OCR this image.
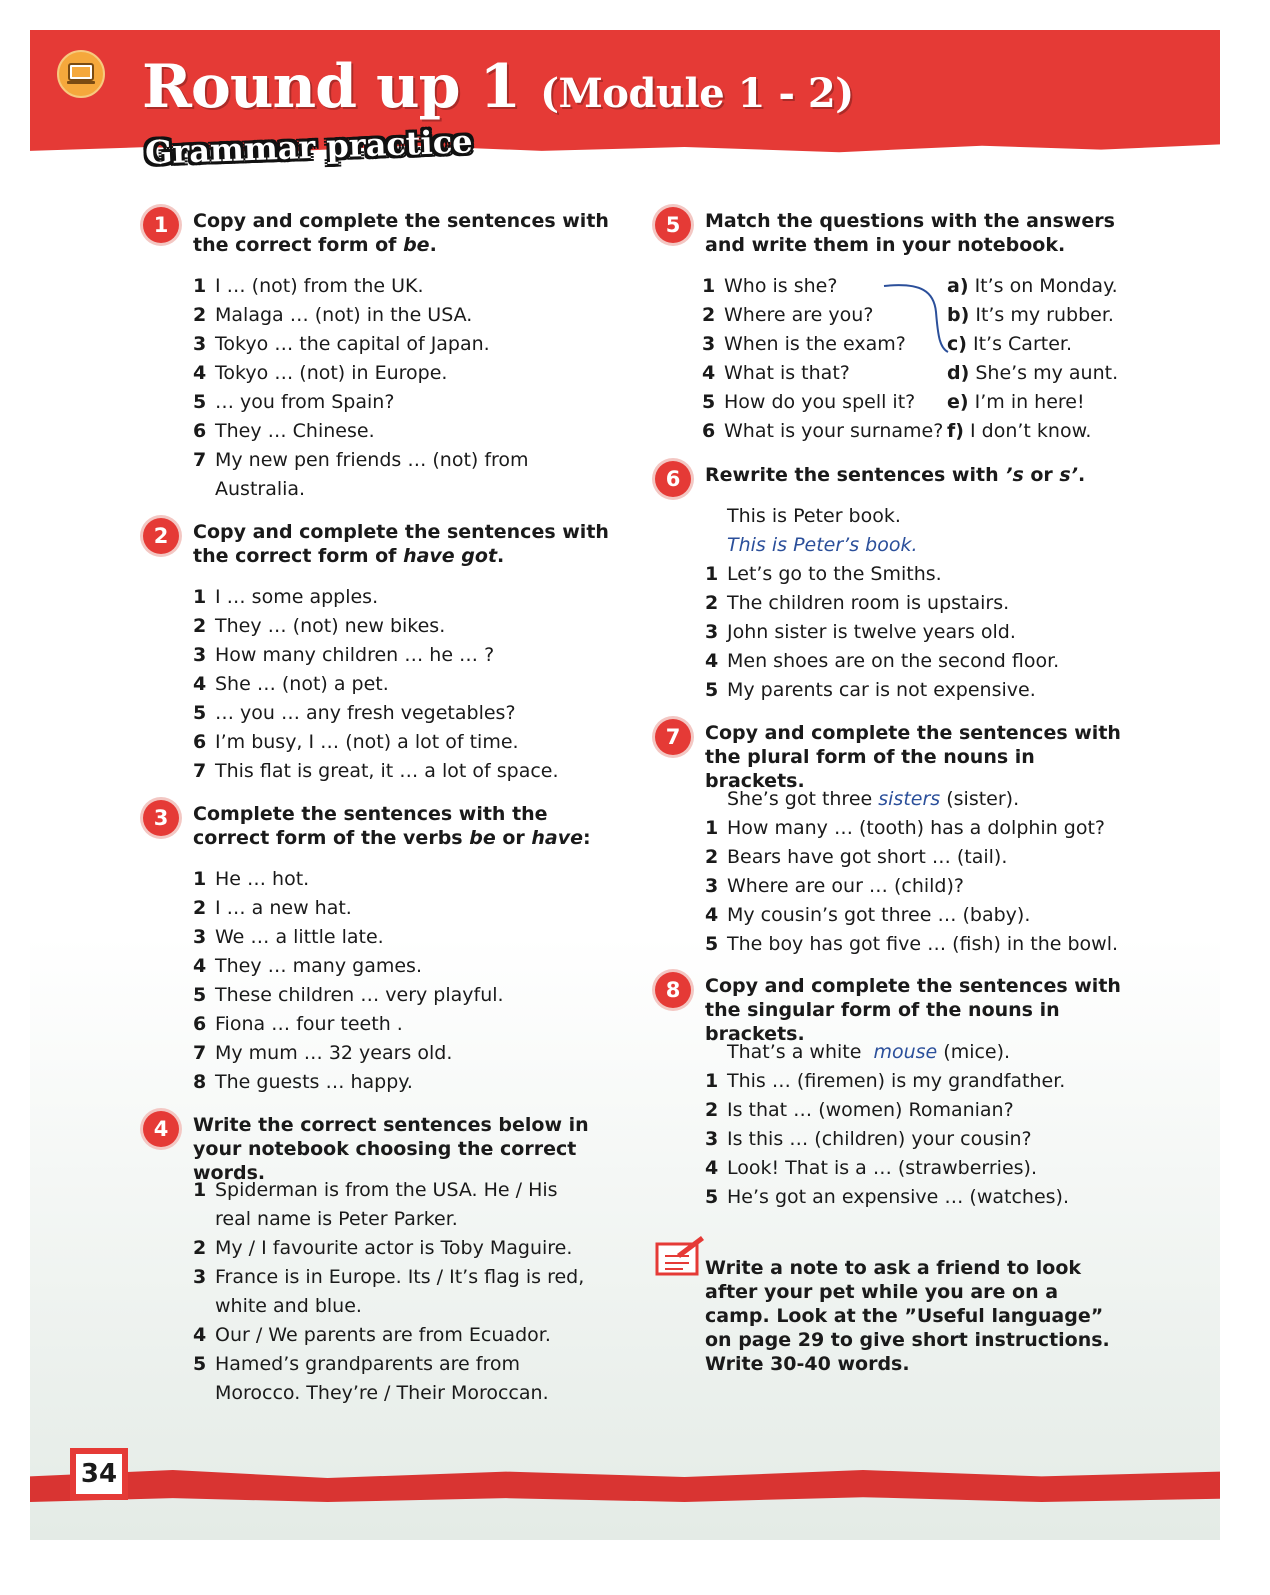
Round up 1 (Module 1 - 2)
Grammar practice
1	Copy and complete the sentences with the correct form of be.

1 I … (not) from the UK.
2 Malaga … (not) in the USA.
3 Tokyo … the capital of Japan.
4 Tokyo … (not) in Europe.
5 … you from Spain?
6 They … Chinese.
7 My new pen friends … (not) from Australia.
2	Copy and complete the sentences with the correct form of have got.

1 I … some apples.
2 They … (not) new bikes.
3 How many children … he … ?
4 She … (not) a pet.
5 … you … any fresh vegetables?
6 I’m busy, I … (not) a lot of time.
7 This flat is great, it … a lot of space.
3	Complete the sentences with the correct form of the verbs be or have:

1 He … hot.
2 I … a new hat.
3 We … a little late.
4 They … many games.
5 These children … very playful.
6 Fiona … four teeth .
7 My mum … 32 years old.
8 The guests … happy.
4	Write the correct sentences below in your notebook choosing the correct words.

1 Spiderman is from the USA. He / His real name is Peter Parker.
2 My / I favourite actor is Toby Maguire.
3 France is in Europe. Its / It’s flag is red, white and blue.
4 Our / We parents are from Ecuador.
5 Hamed’s grandparents are from Morocco. They’re / Their Moroccan.
5	Match the questions with the answers and write them in your notebook.

1 Who is she?	a) It’s on Monday.
2 Where are you?	b) It’s my rubber.
3 When is the exam? c) It’s Carter.
4 What is that?	d) She’s my aunt.
5 How do you spell it? e) I’m in here!
6 What is your surname? f) I don’t know.
6	Rewrite the sentences with ’s or s’.

This is Peter book.
This is Peter’s book.
1 Let’s go to the Smiths.
2 The children room is upstairs.
3 John sister is twelve years old.
4 Men shoes are on the second floor.
5 My parents car is not expensive.
7	Copy and complete the sentences with the plural form of the nouns in brackets.

She’s got three sisters (sister).
1 How many … (tooth) has a dolphin got?
2 Bears have got short … (tail).
3 Where are our … (child)?
4 My cousin’s got three … (baby).
5 The boy has got five … (fish) in the bowl.
8	Copy and complete the sentences with the singular form of the nouns in brackets.

That’s a white  mouse (mice).
1 This … (firemen) is my grandfather.
2 Is that … (women) Romanian?
3 Is this … (children) your cousin?
4 Look! That is a … (strawberries).
5 He’s got an expensive … (watches).

Write a note to ask a friend to look after your pet while you are on a camp. Look at the ”Useful language” on page 29 to give short instructions. Write 30-40 words.

34
